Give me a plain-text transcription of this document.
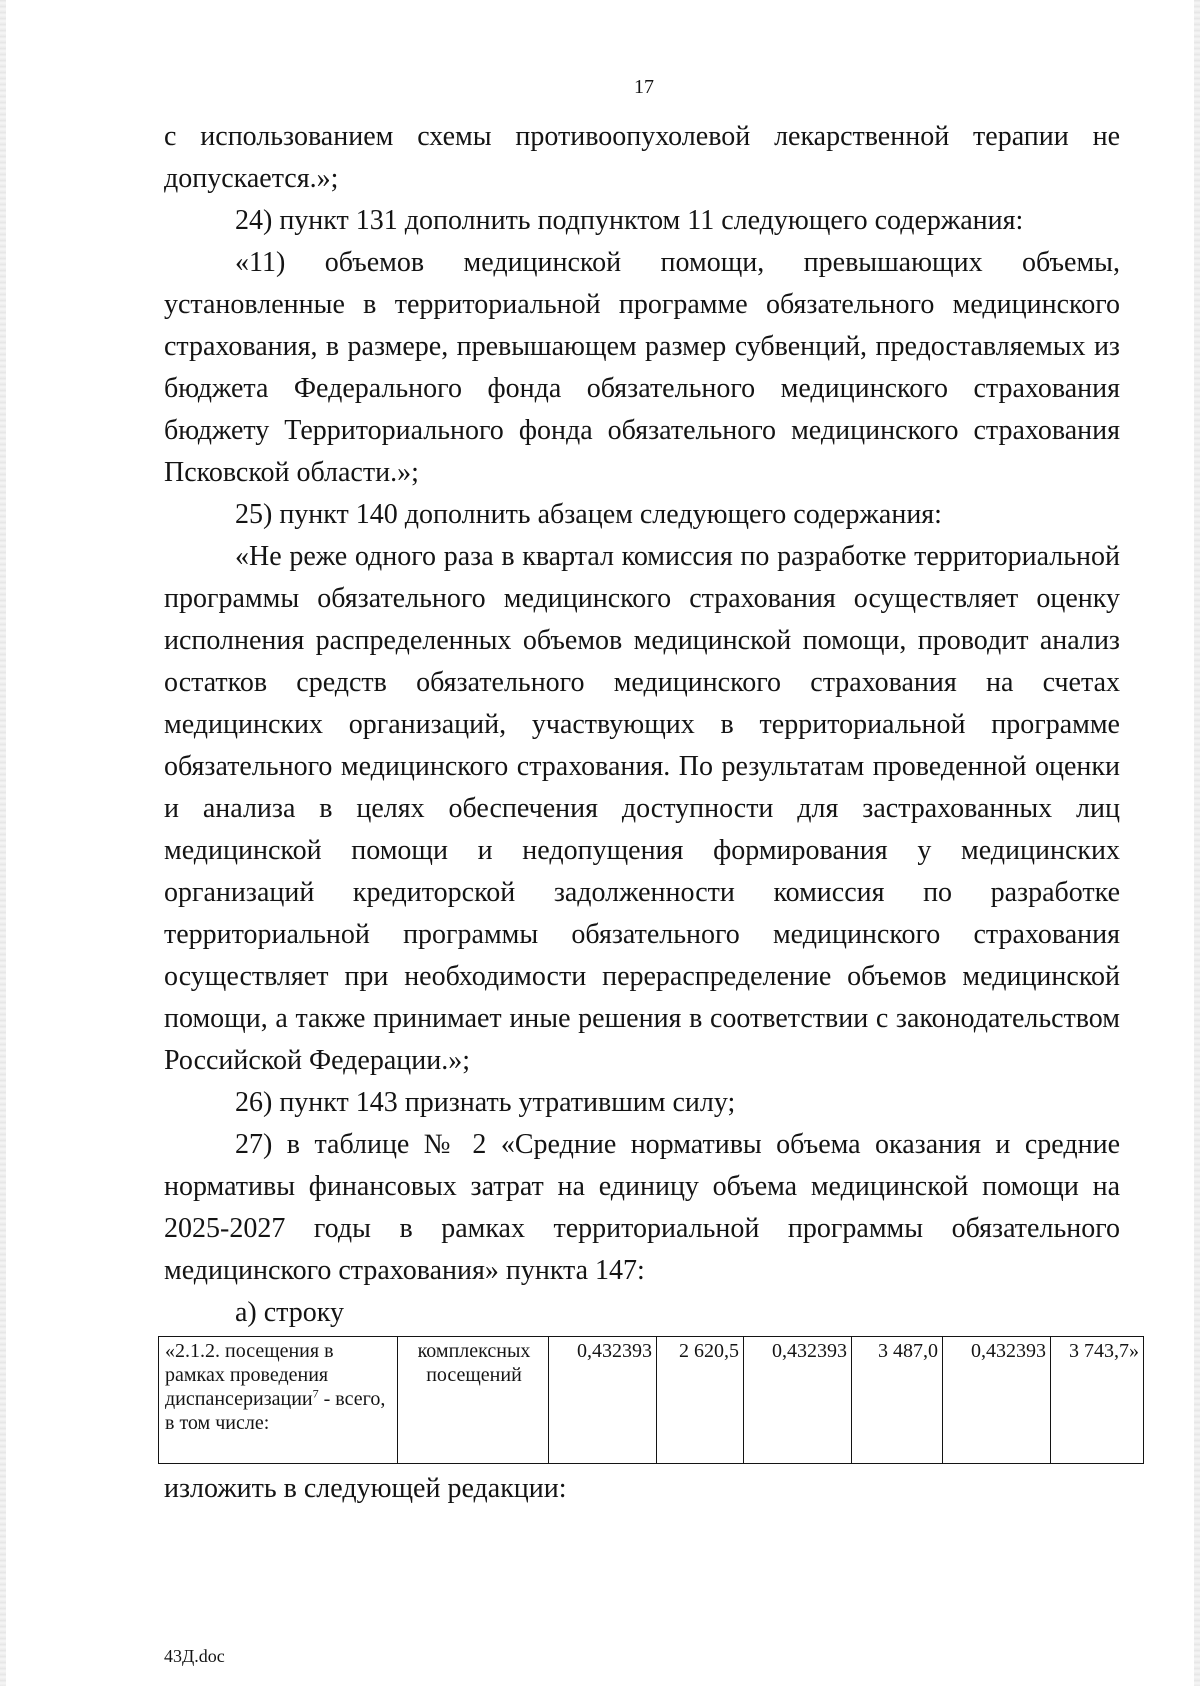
17

с использованием схемы противоопухолевой лекарственной терапии не допускается.»;

24) пункт 131 дополнить подпунктом 11 следующего содержания:

«11) объемов медицинской помощи, превышающих объемы, установленные в территориальной программе обязательного медицинского страхования, в размере, превышающем размер субвенций, предоставляемых из бюджета Федерального фонда обязательного медицинского страхования бюджету Территориального фонда обязательного медицинского страхования Псковской области.»;

25) пункт 140 дополнить абзацем следующего содержания:

«Не реже одного раза в квартал комиссия по разработке территориальной программы обязательного медицинского страхования осуществляет оценку исполнения распределенных объемов медицинской помощи, проводит анализ остатков средств обязательного медицинского страхования на счетах медицинских организаций, участвующих в территориальной программе обязательного медицинского страхования. По результатам проведенной оценки и анализа в целях обеспечения доступности для застрахованных лиц медицинской помощи и недопущения формирования у медицинских организаций кредиторской задолженности комиссия по разработке территориальной программы обязательного медицинского страхования осуществляет при необходимости перераспределение объемов медицинской помощи, а также принимает иные решения в соответствии с законодательством Российской Федерации.»;

26) пункт 143 признать утратившим силу;

27) в таблице № 2 «Средние нормативы объема оказания и средние нормативы финансовых затрат на единицу объема медицинской помощи на 2025-2027 годы в рамках территориальной программы обязательного медицинского страхования» пункта 147:

а) строку

«2.1.2. посещения в рамках проведения диспансеризации$^7$ - всего,
в том числе:	комплексных посещений	0,432393	2 620,5	0,432393	3 487,0	0,432393	3 743,7»

изложить в следующей редакции:

43Д.doc
